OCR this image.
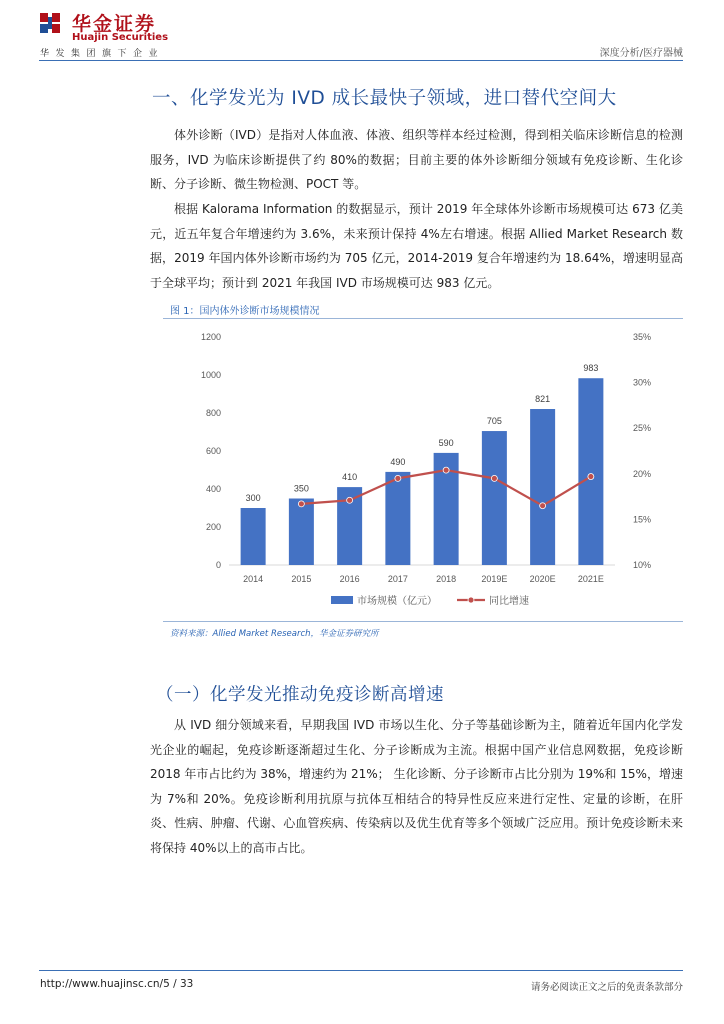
华金证券
Huajin Securities
华发集团旗下企业	深度分析/医疗器械
一、化学发光为 IVD 成长最快子领域，进口替代空间大
体外诊断（IVD）是指对人体血液、体液、组织等样本经过检测，得到相关临床诊断信息的检测服务，IVD 为临床诊断提供了约 80%的数据；目前主要的体外诊断细分领域有免疫诊断、生化诊断、分子诊断、微生物检测、POCT 等。
根据 Kalorama Information 的数据显示，预计 2019 年全球体外诊断市场规模可达 673 亿美元，近五年复合年增速约为 3.6%，未来预计保持 4%左右增速。根据 Allied Market Research 数据，2019 年国内体外诊断市场约为 705 亿元，2014-2019 复合年增速约为 18.64%，增速明显高于全球平均；预计到 2021 年我国 IVD 市场规模可达 983 亿元。
图 1：国内体外诊断市场规模情况
0
200
400
600
800
1000
1200
10%
15%
20%
25%
30%
35%
300
2014
350
2015
410
2016
490
2017
590
2018
705
2019E
821
2020E
983
2021E
市场规模（亿元）	同比增速
资料来源：Allied Market Research，华金证券研究所
（一）化学发光推动免疫诊断高增速
从 IVD 细分领域来看，早期我国 IVD 市场以生化、分子等基础诊断为主，随着近年国内化学发光企业的崛起，免疫诊断逐渐超过生化、分子诊断成为主流。根据中国产业信息网数据，免疫诊断 2018 年市占比约为 38%，增速约为 21%； 生化诊断、分子诊断市占比分别为 19%和 15%，增速为 7%和 20%。免疫诊断利用抗原与抗体互相结合的特异性反应来进行定性、定量的诊断，在肝炎、性病、肿瘤、代谢、心血管疾病、传染病以及优生优育等多个领域广泛应用。预计免疫诊断未来将保持 40%以上的高市占比。
http://www.huajinsc.cn/5 / 33	请务必阅读正文之后的免责条款部分
